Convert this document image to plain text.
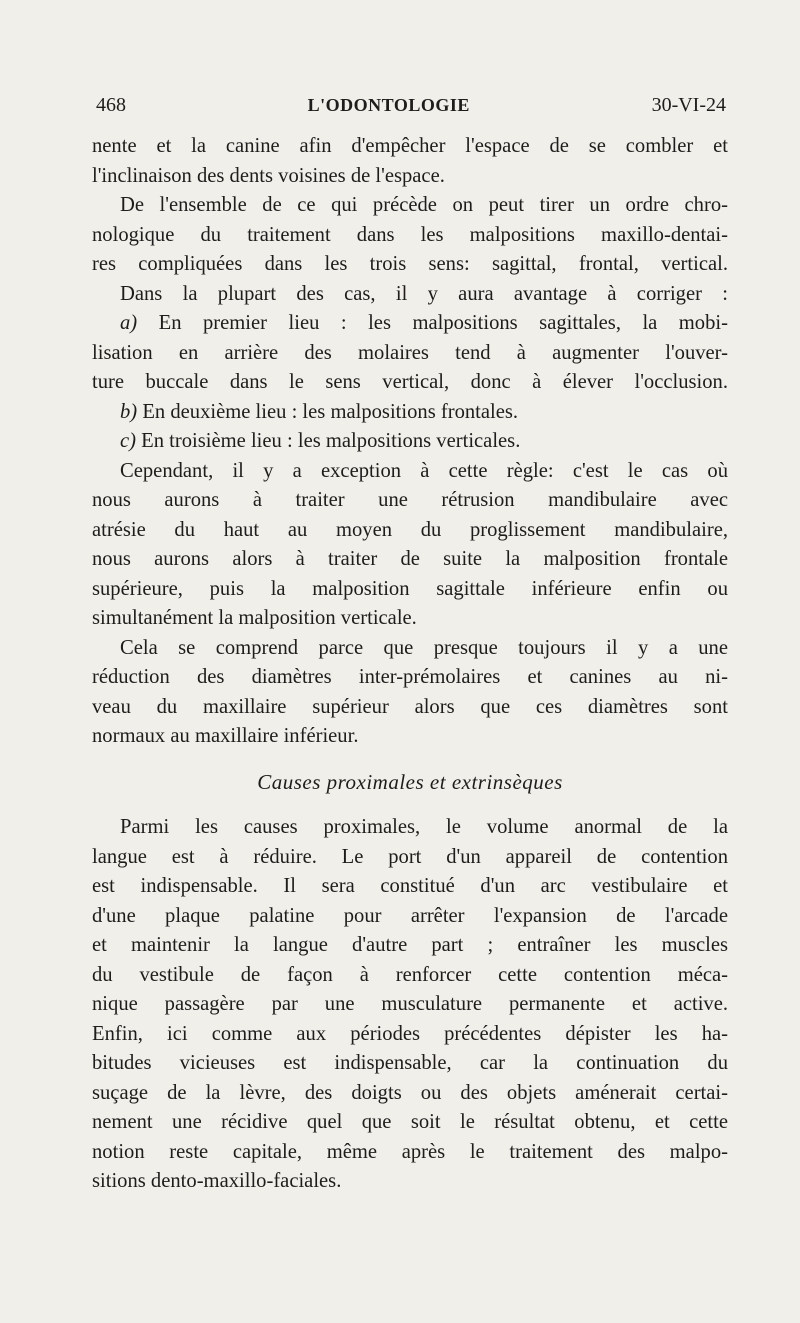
468	L'ODONTOLOGIE	30-VI-24
nente et la canine afin d'empêcher l'espace de se combler et
l'inclinaison des dents voisines de l'espace.
De l'ensemble de ce qui précède on peut tirer un ordre chro-
nologique du traitement dans les malpositions maxillo-dentai-
res compliquées dans les trois sens: sagittal, frontal, vertical.
Dans la plupart des cas, il y aura avantage à corriger :
a) En premier lieu : les malpositions sagittales, la mobi-
lisation en arrière des molaires tend à augmenter l'ouver-
ture buccale dans le sens vertical, donc à élever l'occlusion.
b) En deuxième lieu : les malpositions frontales.
c) En troisième lieu : les malpositions verticales.
Cependant, il y a exception à cette règle: c'est le cas où
nous aurons à traiter une rétrusion mandibulaire avec
atrésie du haut au moyen du proglissement mandibulaire,
nous aurons alors à traiter de suite la malposition frontale
supérieure, puis la malposition sagittale inférieure enfin ou
simultanément la malposition verticale.
Cela se comprend parce que presque toujours il y a une
réduction des diamètres inter-prémolaires et canines au ni-
veau du maxillaire supérieur alors que ces diamètres sont
normaux au maxillaire inférieur.
Causes proximales et extrinsèques
Parmi les causes proximales, le volume anormal de la
langue est à réduire. Le port d'un appareil de contention
est indispensable. Il sera constitué d'un arc vestibulaire et
d'une plaque palatine pour arrêter l'expansion de l'arcade
et maintenir la langue d'autre part ; entraîner les muscles
du vestibule de façon à renforcer cette contention méca-
nique passagère par une musculature permanente et active.
Enfin, ici comme aux périodes précédentes dépister les ha-
bitudes vicieuses est indispensable, car la continuation du
suçage de la lèvre, des doigts ou des objets aménerait certai-
nement une récidive quel que soit le résultat obtenu, et cette
notion reste capitale, même après le traitement des malpo-
sitions dento-maxillo-faciales.
